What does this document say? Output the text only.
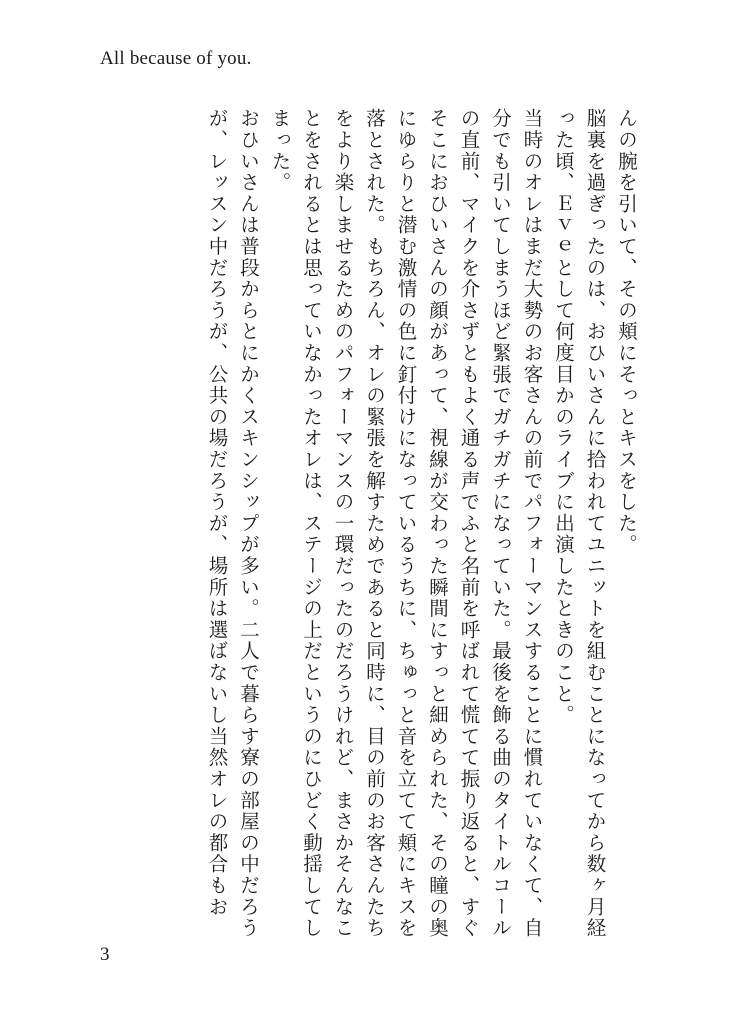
All because of you.

んの腕を引いて、その頬にそっとキスをした。

脳裏を過ぎったのは、おひいさんに拾われてユニットを組むことになってから数ヶ月経った頃、Ｅｖｅとして何度目かのライブに出演したときのこと。

当時のオレはまだ大勢のお客さんの前でパフォーマンスすることに慣れていなくて、自分でも引いてしまうほど緊張でガチガチになっていた。最後を飾る曲のタイトルコールの直前、マイクを介さずともよく通る声でふと名前を呼ばれて慌てて振り返ると、すぐそこにおひいさんの顔があって、視線が交わった瞬間にすっと細められた、その瞳の奥にゆらりと潜む激情の色に釘付けになっているうちに、ちゅっと音を立てて頬にキスを落とされた。もちろん、オレの緊張を解すためであると同時に、目の前のお客さんたちをより楽しませるためのパフォーマンスの一環だったのだろうけれど、まさかそんなことをされるとは思っていなかったオレは、ステージの上だというのにひどく動揺してしまった。

おひいさんは普段からとにかくスキンシップが多い。二人で暮らす寮の部屋の中だろうが、レッスン中だろうが、公共の場だろうが、場所は選ばないし当然オレの都合もお

3
